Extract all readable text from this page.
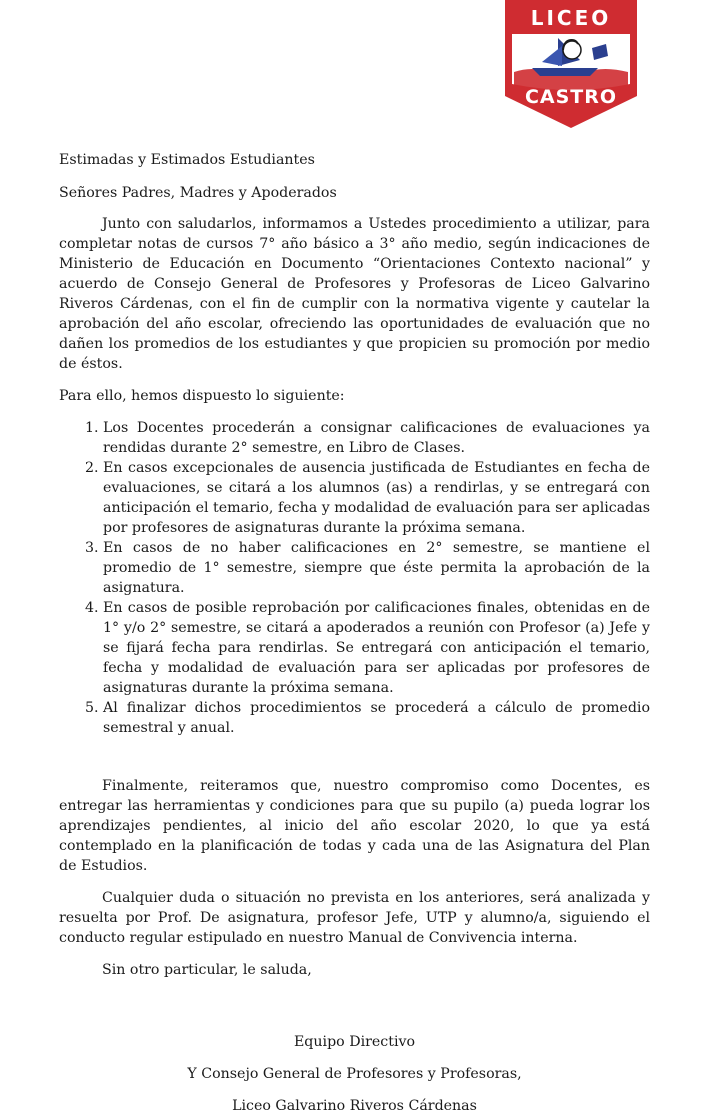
LICEO
CASTRO

Estimadas y Estimados Estudiantes

Señores Padres, Madres y Apoderados

Junto con saludarlos, informamos a Ustedes procedimiento a utilizar, para completar notas de cursos 7° año básico a 3° año medio, según indicaciones de Ministerio de Educación en Documento “Orientaciones Contexto nacional” y acuerdo de Consejo General de Profesores y Profesoras de Liceo Galvarino Riveros Cárdenas, con el fin de cumplir con la normativa vigente y cautelar la aprobación del año escolar, ofreciendo las oportunidades de evaluación que no dañen los promedios de los estudiantes y que propicien su promoción por medio de éstos.

Para ello, hemos dispuesto lo siguiente:

1. Los Docentes procederán a consignar calificaciones de evaluaciones ya rendidas durante 2° semestre, en Libro de Clases.
2. En casos excepcionales de ausencia justificada de Estudiantes en fecha de evaluaciones, se citará a los alumnos (as) a rendirlas, y se entregará con anticipación el temario, fecha y modalidad de evaluación para ser aplicadas por profesores de asignaturas durante la próxima semana.
3. En casos de no haber calificaciones en 2° semestre, se mantiene el promedio de 1° semestre, siempre que éste permita la aprobación de la asignatura.
4. En casos de posible reprobación por calificaciones finales, obtenidas en de 1° y/o 2° semestre, se citará a apoderados a reunión con Profesor (a) Jefe y se fijará fecha para rendirlas. Se entregará con anticipación el temario, fecha y modalidad de evaluación para ser aplicadas por profesores de asignaturas durante la próxima semana.
5. Al finalizar dichos procedimientos se procederá a cálculo de promedio semestral y anual.

Finalmente, reiteramos que, nuestro compromiso como Docentes, es entregar las herramientas y condiciones para que su pupilo (a) pueda lograr los aprendizajes pendientes, al inicio del año escolar 2020, lo que ya está contemplado en la planificación de todas y cada una de las Asignatura del Plan de Estudios.

Cualquier duda o situación no prevista en los anteriores, será analizada y resuelta por Prof. De asignatura, profesor Jefe, UTP y alumno/a, siguiendo el conducto regular estipulado en nuestro Manual de Convivencia interna.

Sin otro particular, le saluda,

Equipo Directivo

Y Consejo General de Profesores y Profesoras,

Liceo Galvarino Riveros Cárdenas
